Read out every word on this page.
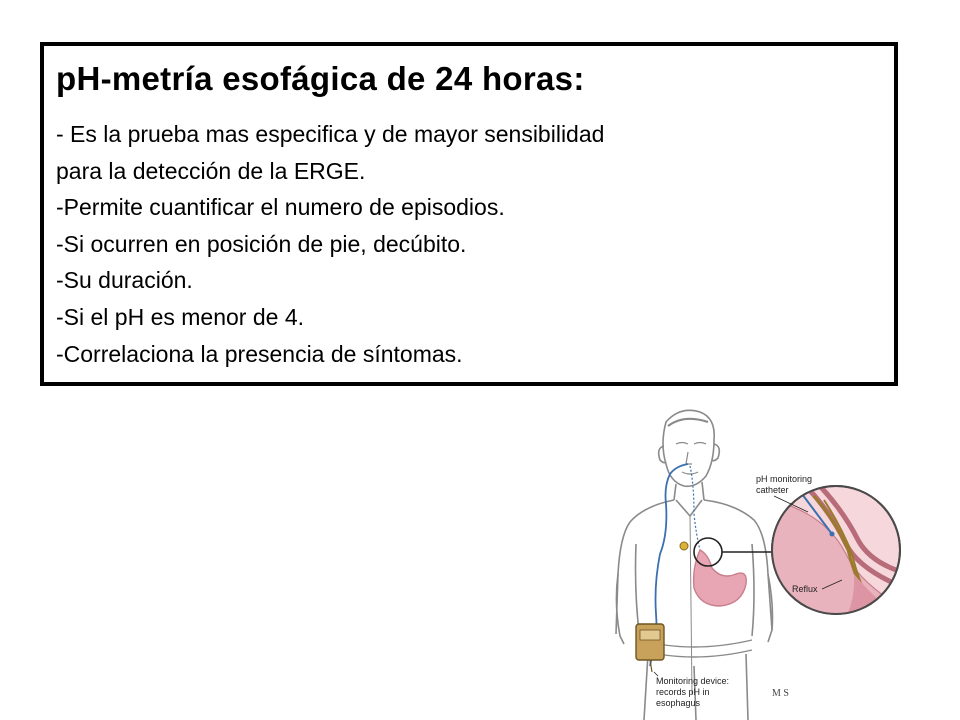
pH-metría esofágica de 24 horas:
- Es la prueba mas especifica y de mayor sensibilidad
para la detección de la ERGE.
-Permite cuantificar el numero de episodios.
-Si ocurren en posición de pie, decúbito.
-Su duración.
-Si el pH es menor de 4.
-Correlaciona la presencia de síntomas.
pH monitoring
catheter
Reflux
Monitoring device:
records pH in
esophagus
M S
